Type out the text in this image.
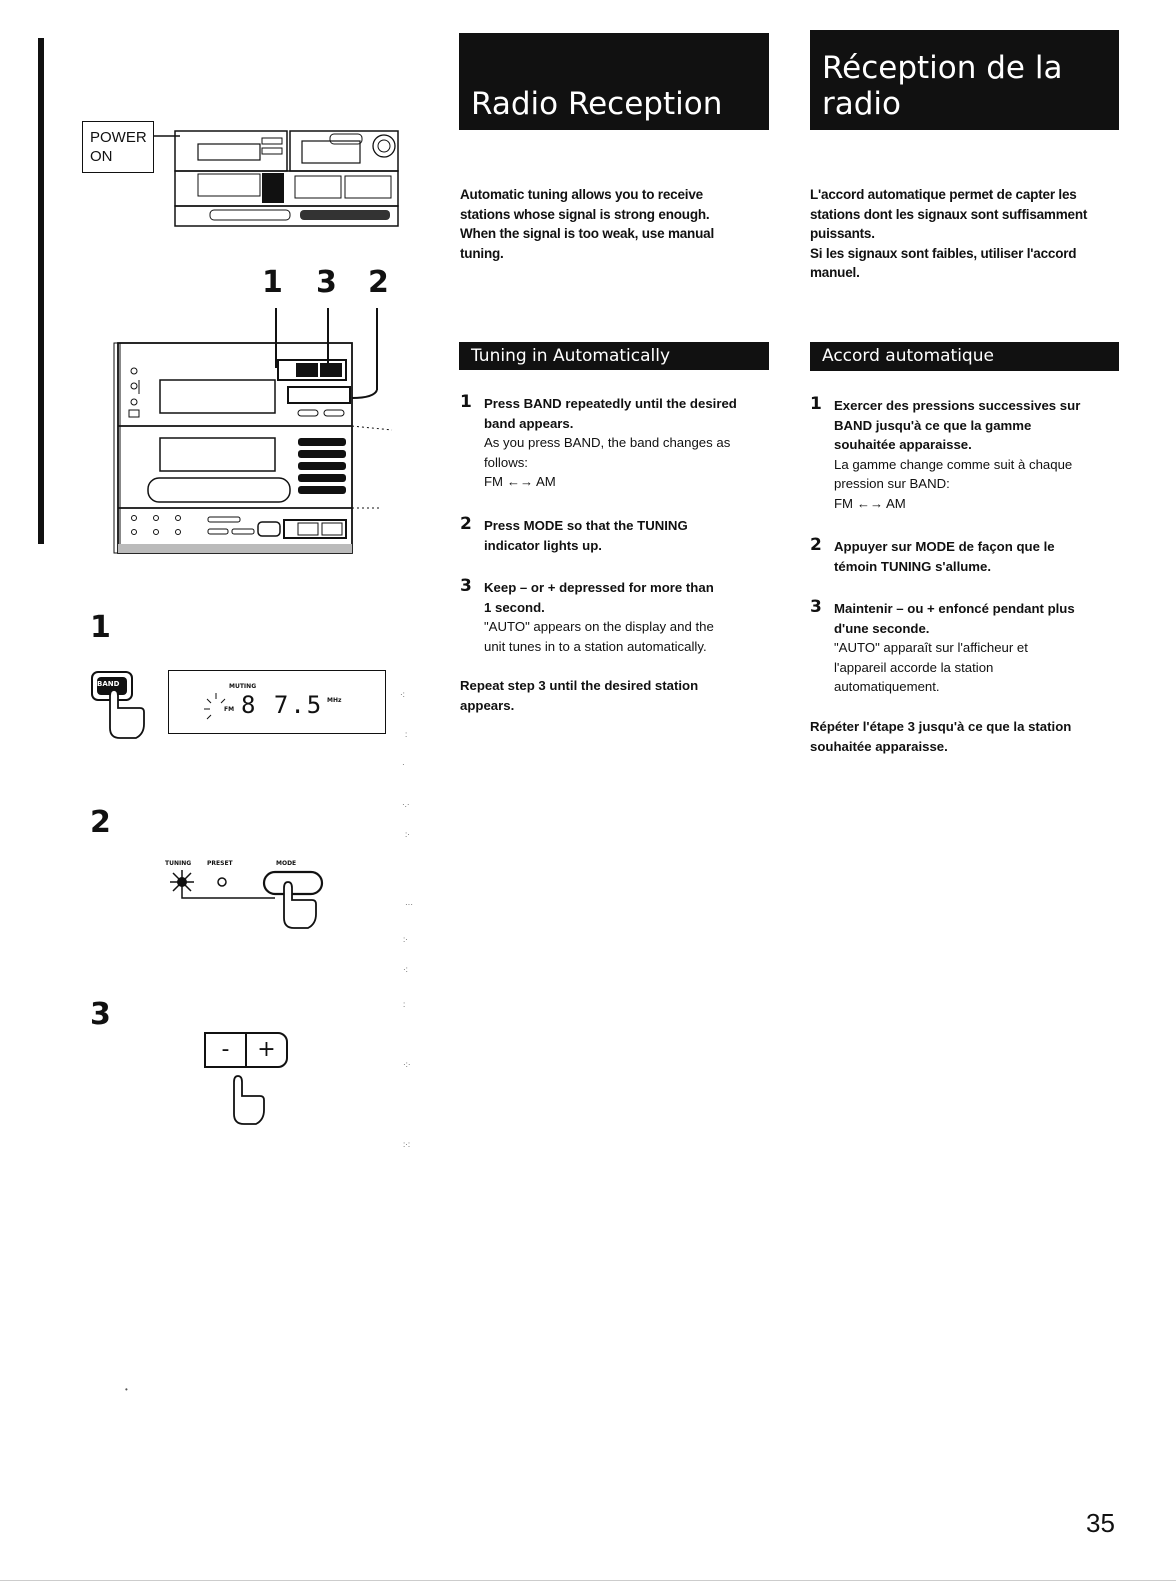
POWER
ON
1 3 2
1
BAND	MUTING
FM 8 7.5 MHz
2
TUNING	PRESET	MODE
3
-	+
·:
:
·
·.·
:·
···
:·
·:
:
·:·
:·:
•
Radio Reception

Automatic tuning allows you to receive

stations whose signal is strong enough.

When the signal is too weak, use manual

tuning.

Tuning in Automatically
1 Press BAND repeatedly until the desired
band appears.
As you press BAND, the band changes as
follows:
FM ←→ AM
2 Press MODE so that the TUNING
indicator lights up.
3 Keep – or + depressed for more than
1 second.
"AUTO" appears on the display and the
unit tunes in to a station automatically.
Repeat step 3 until the desired station
appears.
Réception de la
radio

L'accord automatique permet de capter les

stations dont les signaux sont suffisamment

puissants.

Si les signaux sont faibles, utiliser l'accord

manuel.

Accord automatique
1 Exercer des pressions successives sur
BAND jusqu'à ce que la gamme
souhaitée apparaisse.
La gamme change comme suit à chaque
pression sur BAND:
FM ←→ AM
2 Appuyer sur MODE de façon que le
témoin TUNING s'allume.
3 Maintenir – ou + enfoncé pendant plus
d'une seconde.
"AUTO" apparaît sur l'afficheur et
l'appareil accorde la station
automatiquement.
Répéter l'étape 3 jusqu'à ce que la station
souhaitée apparaisse.
35
